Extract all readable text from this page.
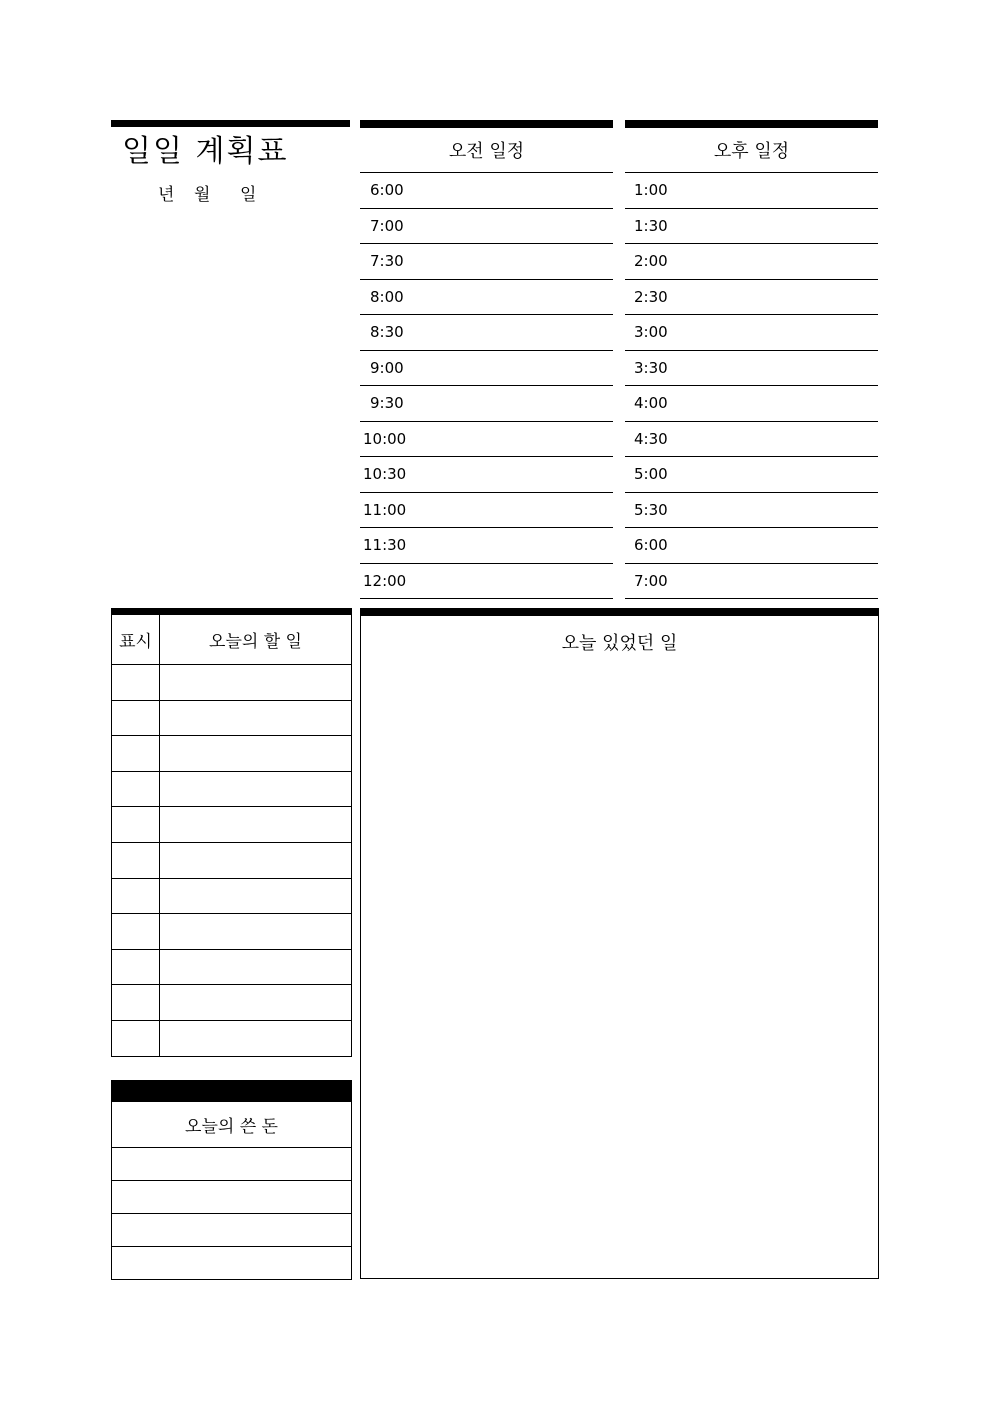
일일 계획표
년	월	일
오전 일정
6:00
7:00
7:30
8:00
8:30
9:00
9:30
10:00
10:30
11:00
11:30
12:00
오후 일정
1:00
1:30
2:00
2:30
3:00
3:30
4:00
4:30
5:00
5:30
6:00
7:00
표시	오늘의 할 일
오늘의 쓴 돈
오늘 있었던 일
